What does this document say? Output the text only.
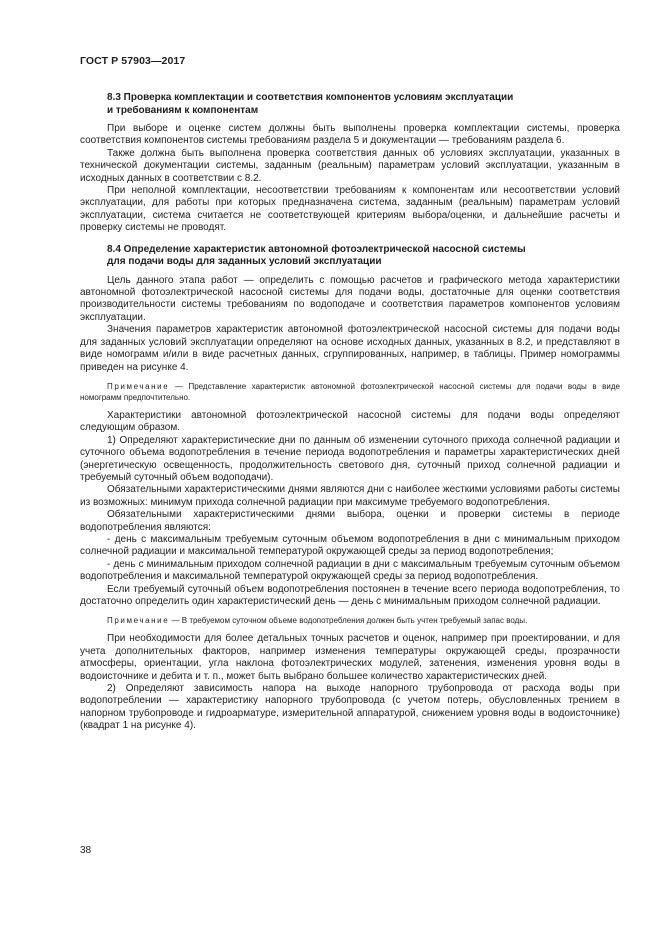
ГОСТ Р 57903—2017

8.3 Проверка комплектации и соответствия компонентов условиям эксплуатации

и требованиям к компонентам

При выборе и оценке систем должны быть выполнены проверка комплектации системы, проверка соответствия компонентов системы требованиям раздела 5 и документации — требованиям раздела 6.

Также должна быть выполнена проверка соответствия данных об условиях эксплуатации, указанных в технической документации системы, заданным (реальным) параметрам условий эксплуатации, указанным в исходных данных в соответствии с 8.2.

При неполной комплектации, несоответствии требованиям к компонентам или несоответствии условий эксплуатации, для работы при которых предназначена система, заданным (реальным) параметрам условий эксплуатации, система считается не соответствующей критериям выбора/оценки, и дальнейшие расчеты и проверку системы не проводят.

8.4 Определение характеристик автономной фотоэлектрической насосной системы

для подачи воды для заданных условий эксплуатации

Цель данного этапа работ — определить с помощью расчетов и графического метода характеристики автономной фотоэлектрической насосной системы для подачи воды, достаточные для оценки соответствия производительности системы требованиям по водоподаче и соответствия параметров компонентов условиям эксплуатации.

Значения параметров характеристик автономной фотоэлектрической насосной системы для подачи воды для заданных условий эксплуатации определяют на основе исходных данных, указанных в 8.2, и представляют в виде номограмм и/или в виде расчетных данных, сгруппированных, например, в таблицы. Пример номограммы приведен на рисунке 4.

Примечание — Представление характеристик автономной фотоэлектрической насосной системы для подачи воды в виде номограмм предпочтительно.

Характеристики автономной фотоэлектрической насосной системы для подачи воды определяют следующим образом.

1) Определяют характеристические дни по данным об изменении суточного прихода солнечной радиации и суточного объема водопотребления в течение периода водопотребления и параметры характеристических дней (энергетическую освещенность, продолжительность светового дня, суточный приход солнечной радиации и требуемый суточный объем водоподачи).

Обязательными характеристическими днями являются дни с наиболее жесткими условиями работы системы из возможных: минимум прихода солнечной радиации при максимуме требуемого водопотребления.

Обязательными характеристическими днями выбора, оценки и проверки системы в периоде водопотребления являются:

- день с максимальным требуемым суточным объемом водопотребления в дни с минимальным приходом солнечной радиации и максимальной температурой окружающей среды за период водопотребления;

- день с минимальным приходом солнечной радиации в дни с максимальным требуемым суточным объемом водопотребления и максимальной температурой окружающей среды за период водопотребления.

Если требуемый суточный объем водопотребления постоянен в течение всего периода водопотребления, то достаточно определить один характеристический день — день с минимальным приходом солнечной радиации.

Примечание — В требуемом суточном объеме водопотребления должен быть учтен требуемый запас воды.

При необходимости для более детальных точных расчетов и оценок, например при проектировании, и для учета дополнительных факторов, например изменения температуры окружающей среды, прозрачности атмосферы, ориентации, угла наклона фотоэлектрических модулей, затенения, изменения уровня воды в водоисточнике и дебита и т. п., может быть выбрано большее количество характеристических дней.

2) Определяют зависимость напора на выходе напорного трубопровода от расхода воды при водопотреблении — характеристику напорного трубопровода (с учетом потерь, обусловленных трением в напорном трубопроводе и гидроарматуре, измерительной аппаратурой, снижением уровня воды в водоисточнике) (квадрат 1 на рисунке 4).

38
